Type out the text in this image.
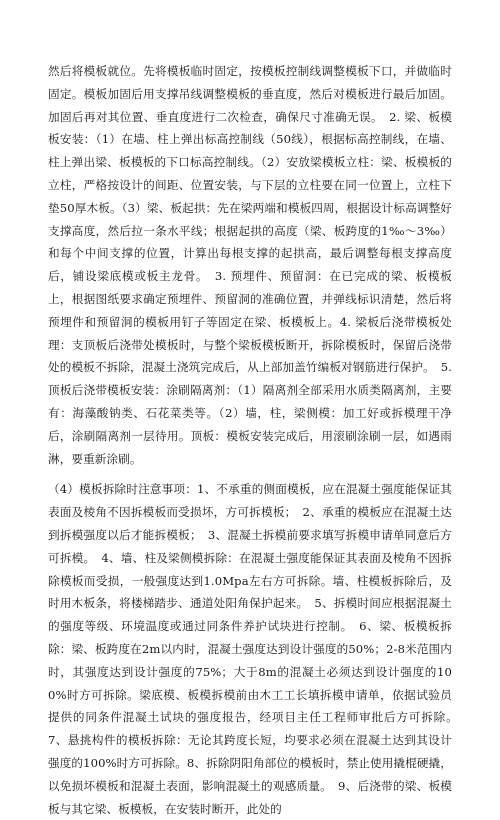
然后将模板就位。先将模板临时固定，按模板控制线调整模板下口，并做临时固定。模板加固后用支撑吊线调整模板的垂直度，然后对模板进行最后加固。加固后再对其位置、垂直度进行二次检查，确保尺寸准确无误。　2. 梁、板模板安装：（1）在墙、柱上弹出标高控制线（50线），根据标高控制线，在墙、柱上弹出梁、板模板的下口标高控制线。（2）安放梁模板立柱：梁、板模板的立柱，严格按设计的间距、位置安装，与下层的立柱要在同一位置上，立柱下垫50厚木板。（3）梁、板起拱：先在梁两端和模板四周，根据设计标高调整好支撑高度，然后拉一条水平线；根据起拱的高度（梁、板跨度的1‰～3‰）和每个中间支撑的位置，计算出每根支撑的起拱高，最后调整每根支撑高度后，铺设梁底模或板主龙骨。　3. 预埋件、预留洞：在已完成的梁、板模板上，根据图纸要求确定预埋件、预留洞的准确位置，并弹线标识清楚，然后将预埋件和预留洞的模板用钉子等固定在梁、板模板上。4. 梁板后浇带模板处理：支顶板后浇带处模板时，与整个梁板模板断开，拆除模板时，保留后浇带处的模板不拆除，混凝土浇筑完成后，从上部加盖竹编板对钢筋进行保护。　5. 顶板后浇带模板安装：涂刷隔离剂：（1）隔离剂全部采用水质类隔离剂，主要有：海藻酸钠类、石花菜类等。（2）墙，柱，梁侧模：加工好或拆模理干净后，涂刷隔离剂一层待用。顶板：模板安装完成后，用滚刷涂刷一层，如遇雨淋，要重新涂刷。

（4）模板拆除时注意事项：1、不承重的侧面模板，应在混凝土强度能保证其表面及棱角不因拆模板而受损坏，方可拆模板；　2、承重的模板应在混凝土达到拆模强度以后才能拆模板；　3、混凝土拆模前要求填写拆模申请单同意后方可拆模。　4、墙、柱及梁侧模拆除：在混凝土强度能保证其表面及棱角不因拆除模板而受损，一般强度达到1.0Mpa左右方可拆除。墙、柱模板拆除后，及时用木板条，将楼梯踏步、通道处阳角保护起来。　5、拆模时间应根据混凝土的强度等级、环境温度或通过同条件养护试块进行控制。　6、梁、板模板拆除：梁、板跨度在2m以内时，混凝土强度达到设计强度的50%；2-8米范围内时，其强度达到设计强度的75%；大于8m的混凝土必须达到设计强度的100%时方可拆除。梁底模、板模拆模前由木工工长填拆模申请单，依据试验员提供的同条件混凝土试块的强度报告，经项目主任工程师审批后方可拆除。　7、悬挑构件的模板拆除：无论其跨度长短，均要求必须在混凝土达到其设计强度的100%时方可拆除。8、拆除阴阳角部位的模板时，禁止使用撬棍硬撬，以免损坏模板和混凝土表面，影响混凝土的观感质量。　9、后浇带的梁、板模板与其它梁、板模板，在安装时断开，此处的
